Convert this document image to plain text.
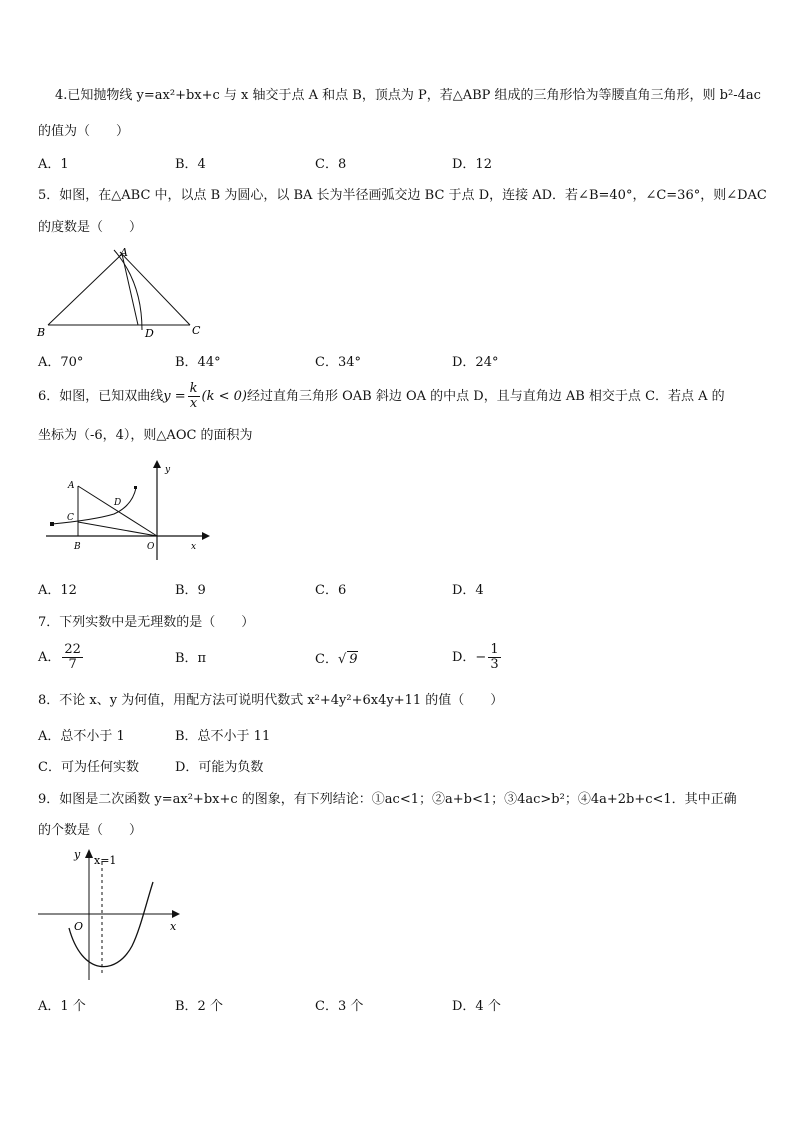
4.已知抛物线 y=ax²+bx+c 与 x 轴交于点 A 和点 B，顶点为 P，若△ABP 组成的三角形恰为等腰直角三角形，则 b²-4ac
的值为（　　）
A．1	B．4	C．8	D．12
5．如图，在△ABC 中，以点 B 为圆心，以 BA 长为半径画弧交边 BC 于点 D，连接 AD．若∠B=40°，∠C=36°，则∠DAC
的度数是（　　）
A
B	C
D
A．70°	B．44°	C．34°	D．24°
6．如图，已知双曲线$y = \frac{k}{x} (k < 0)$经过直角三角形 OAB 斜边 OA 的中点 D，且与直角边 AB 相交于点 C．若点 A 的
坐标为（-6，4），则△AOC 的面积为
A
C
D
B	O	x
y
A．12	B．9	C．6	D．4
7．下列实数中是无理数的是（　　）
A． $\frac{22}{7}$	B．π	C．√ 9	D．− $\frac{1}{3}$
8．不论 x、y 为何值，用配方法可说明代数式 x²+4y²+6x4y+11 的值（　　）
A．总不小于 1	B．总不小于 11
C．可为任何实数	D．可能为负数
9．如图是二次函数 y=ax²+bx+c 的图象，有下列结论：①ac<1；②a+b<1；③4ac>b²；④4a+2b+c<1．其中正确
的个数是（　　）
y
O	x
x=1
A．1 个	B．2 个	C．3 个	D．4 个
